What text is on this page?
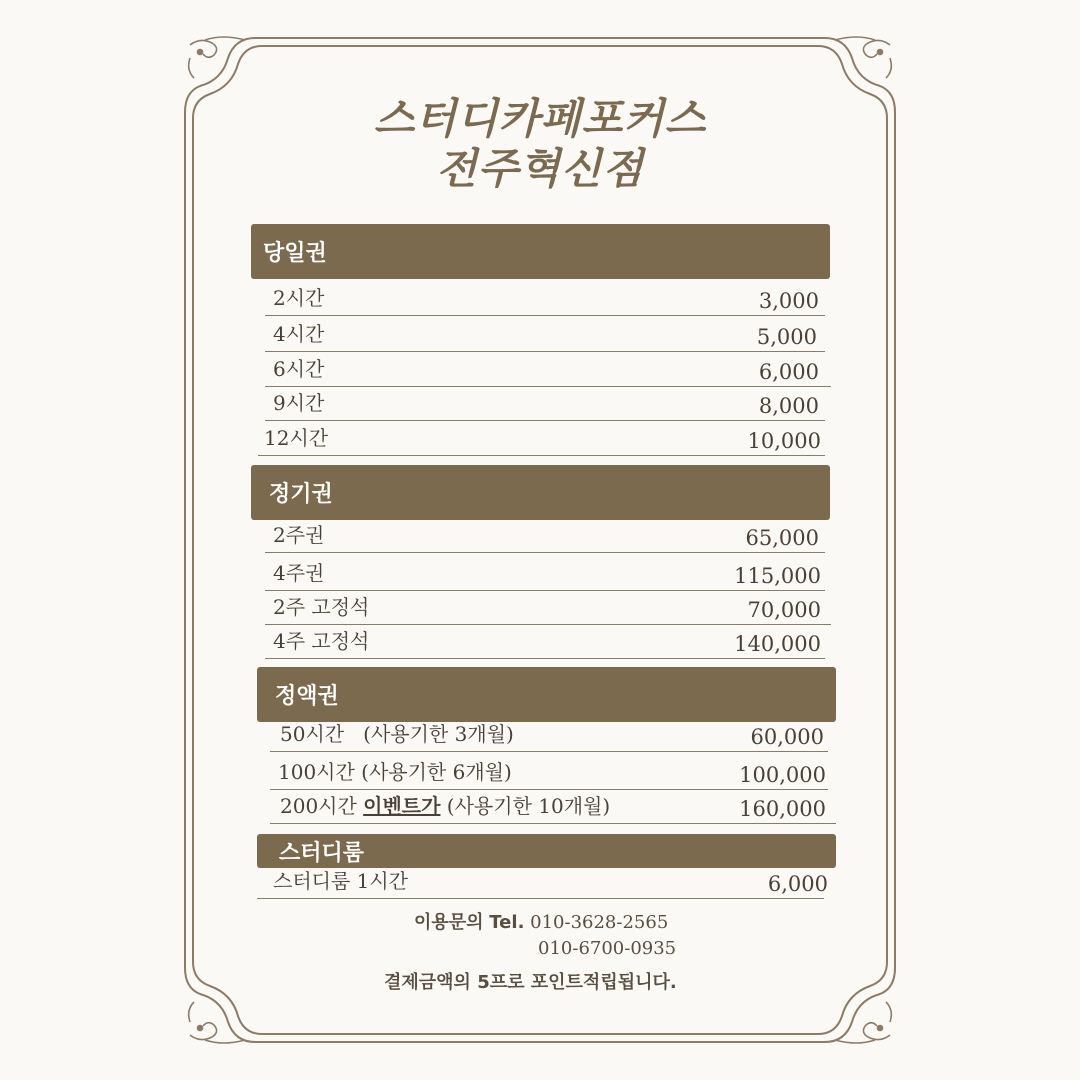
스터디카페포커스
전주혁신점
당일권
2시간	3,000
4시간	5,000
6시간	6,000
9시간	8,000
12시간	10,000
정기권
2주권	65,000
4주권	115,000
2주 고정석	70,000
4주 고정석	140,000
정액권
50시간   (사용기한 3개월)	60,000
100시간 (사용기한 6개월)	100,000
200시간 이벤트가 (사용기한 10개월)	160,000
스터디룸
스터디룸 1시간	6,000
이용문의 Tel. 010-3628-2565
010-6700-0935
결제금액의 5프로 포인트적립됩니다.
